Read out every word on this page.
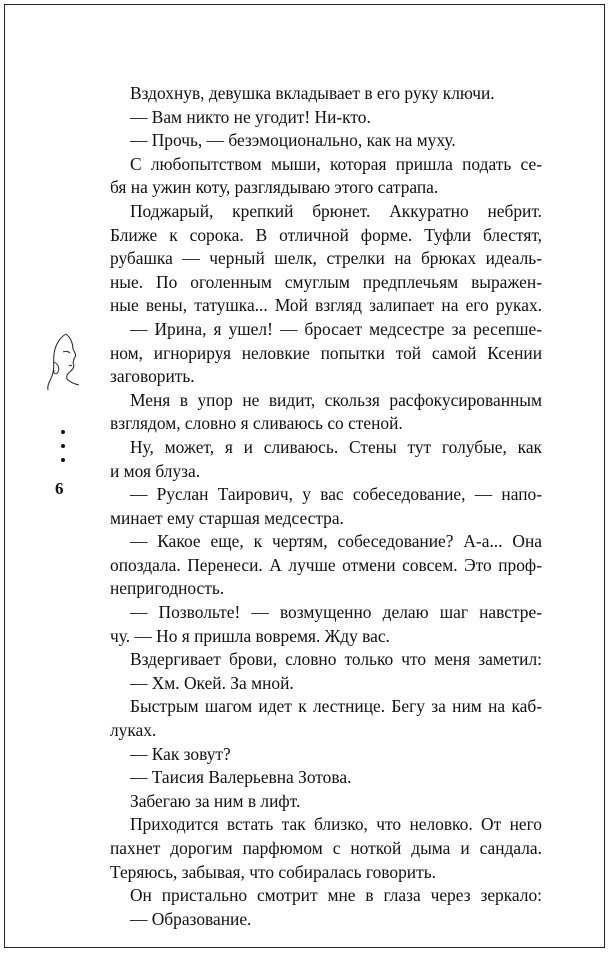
6
Вздохнув, девушка вкладывает в его руку ключи.
— Вам никто не угодит! Ни-кто.
— Прочь, — безэмоционально, как на муху.
С любопытством мыши, которая пришла подать се-
бя на ужин коту, разглядываю этого сатрапа.
Поджарый, крепкий брюнет. Аккуратно небрит.
Ближе к сорока. В отличной форме. Туфли блестят,
рубашка — черный шелк, стрелки на брюках идеаль-
ные. По оголенным смуглым предплечьям выражен-
ные вены, татушка... Мой взгляд залипает на его руках.
— Ирина, я ушел! — бросает медсестре за ресепше-
ном, игнорируя неловкие попытки той самой Ксении
заговорить.
Меня в упор не видит, скользя расфокусированным
взглядом, словно я сливаюсь со стеной.
Ну, может, я и сливаюсь. Стены тут голубые, как
и моя блуза.
— Руслан Таирович, у вас собеседование, — напо-
минает ему старшая медсестра.
— Какое еще, к чертям, собеседование? А-а... Она
опоздала. Перенеси. А лучше отмени совсем. Это проф-
непригодность.
— Позвольте! — возмущенно делаю шаг навстре-
чу. — Но я пришла вовремя. Жду вас.
Вздергивает брови, словно только что меня заметил:
— Хм. Окей. За мной.
Быстрым шагом идет к лестнице. Бегу за ним на каб-
луках.
— Как зовут?
— Таисия Валерьевна Зотова.
Забегаю за ним в лифт.
Приходится встать так близко, что неловко. От него
пахнет дорогим парфюмом с ноткой дыма и сандала.
Теряюсь, забывая, что собиралась говорить.
Он пристально смотрит мне в глаза через зеркало:
— Образование.
